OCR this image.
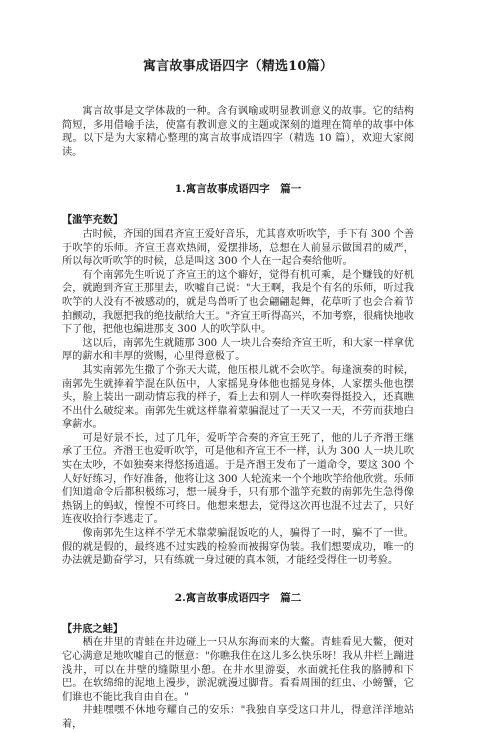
寓言故事成语四字（精选10篇）

寓言故事是文学体裁的一种。含有讽喻或明显教训意义的故事。它的结构简短，多用借喻手法，使富有教训意义的主题或深刻的道理在简单的故事中体现。以下是为大家精心整理的寓言故事成语四字（精选 10 篇），欢迎大家阅读。

1.寓言故事成语四字　篇一

【滥竽充数】

古时候，齐国的国君齐宣王爱好音乐，尤其喜欢听吹竽，手下有 300 个善于吹竽的乐师。齐宣王喜欢热闹，爱摆排场，总想在人前显示做国君的威严，所以每次听吹竽的时候，总是叫这 300 个人在一起合奏给他听。

有个南郭先生听说了齐宣王的这个癖好，觉得有机可乘，是个赚钱的好机会，就跑到齐宣王那里去，吹嘘自己说："大王啊，我是个有名的乐师，听过我吹竽的人没有不被感动的，就是鸟兽听了也会翩翩起舞，花草听了也会合着节拍颤动，我愿把我的绝技献给大王。"齐宣王听得高兴，不加考察，很痛快地收下了他，把他也编进那支 300 人的吹竽队中。

这以后，南郭先生就随那 300 人一块儿合奏给齐宣王听，和大家一样拿优厚的薪水和丰厚的赏赐，心里得意极了。

其实南郭先生撒了个弥天大谎，他压根儿就不会吹竽。每逢演奏的时候，南郭先生就捧着竽混在队伍中，人家摇晃身体他也摇晃身体，人家摆头他也摆头，脸上装出一副动情忘我的样子，看上去和别人一样吹奏得挺投入，还真瞧不出什么破绽来。南郭先生就这样靠着蒙骗混过了一天又一天，不劳而获地白拿薪水。

可是好景不长，过了几年，爱听竽合奏的齐宣王死了，他的儿子齐湣王继承了王位。齐湣王也爱听吹竽，可是他和齐宣王不一样，认为 300 人一块儿吹实在太吵，不如独奏来得悠扬逍遥。于是齐湣王发布了一道命令，要这 300 个人好好练习，作好准备，他将让这 300 人轮流来一个个地吹竽给他欣赏。乐师们知道命令后都积极练习，想一展身手，只有那个滥竽充数的南郭先生急得像热锅上的蚂蚁，惶惶不可终日。他想来想去，觉得这次再也混不过去了，只好连夜收拾行李逃走了。

像南郭先生这样不学无术靠蒙骗混饭吃的人，骗得了一时，骗不了一世。假的就是假的，最终逃不过实践的检验而被揭穿伪装。我们想要成功，唯一的办法就是勤奋学习，只有练就一身过硬的真本领，才能经受得住一切考验。

2.寓言故事成语四字　篇二

【井底之蛙】

栖在井里的青蛙在井边碰上一只从东海而来的大鳖。青蛙看见大鳖，便对它心满意足地吹嘘自己的惬意："你瞧我住在这儿多么快乐呀！我从井栏上蹦进浅井，可以在井壁的缝隙里小憩。在井水里游耍，水面就托住我的胳膊和下巴。在软绵绵的泥地上漫步，淤泥就漫过脚背。看看周围的红虫、小螃蟹，它们谁也不能比我自由自在。"

井蛙嘿嘿不休地夸耀自己的安乐："我独自享受这口井儿，得意洋洋地站着，
